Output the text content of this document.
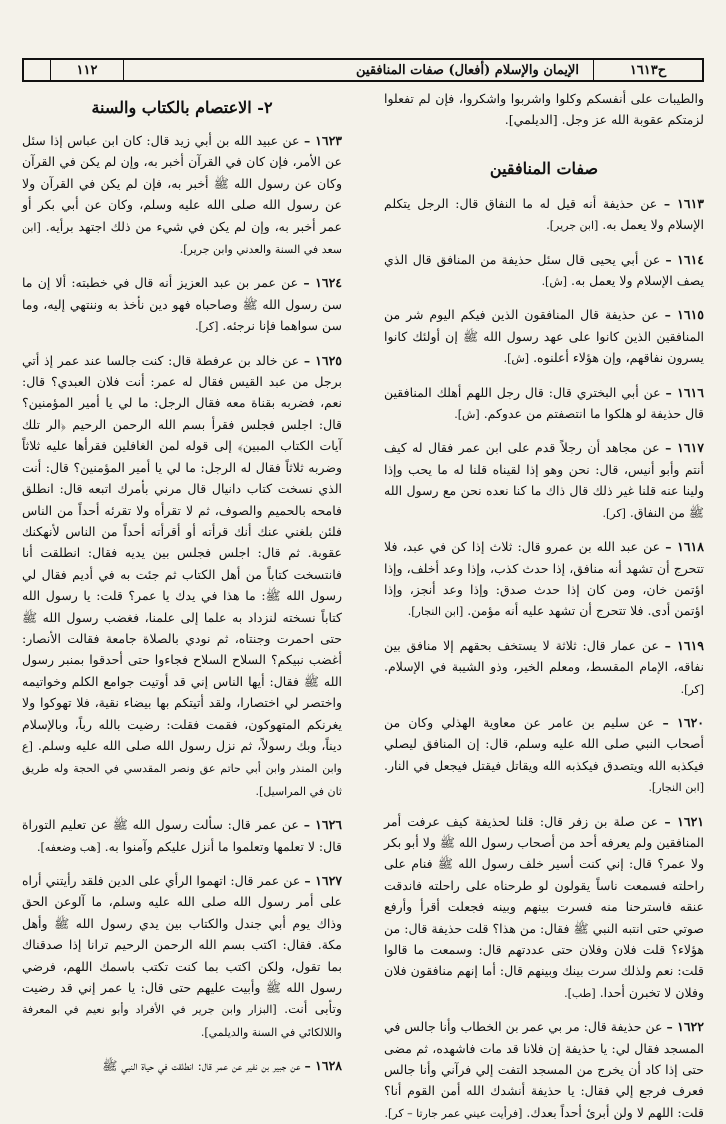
ح١٦١٣
الإيمان والإسلام (أفعال) صفات المنافقين
١١٢

والطيبات على أنفسكم وكلوا واشربوا واشكروا، فإن لم تفعلوا لزمتكم عقوبة الله عز وجل. [الديلمي].

صفات المنافقين

١٦١٣ – عن حذيفة أنه قيل له ما النفاق قال: الرجل يتكلم الإسلام ولا يعمل به. [ابن جرير].

١٦١٤ – عن أبي يحيى قال سئل حذيفة من المنافق قال الذي يصف الإسلام ولا يعمل به. [ش].

١٦١٥ – عن حذيفة قال المنافقون الذين فيكم اليوم شر من المنافقين الذين كانوا على عهد رسول الله ﷺ إن أولئك كانوا يسرون نفاقهم، وإن هؤلاء أعلنوه. [ش].

١٦١٦ – عن أبي البختري قال: قال رجل اللهم أهلك المنافقين قال حذيفة لو هلكوا ما انتصفتم من عدوكم. [ش].

١٦١٧ – عن مجاهد أن رجلاً قدم على ابن عمر فقال له كيف أنتم وأبو أنيس، قال: نحن وهو إذا لقيناه قلنا له ما يحب وإذا ولينا عنه قلنا غير ذلك قال ذاك ما كنا نعده نحن مع رسول الله ﷺ من النفاق. [كر].

١٦١٨ – عن عبد الله بن عمرو قال: ثلاث إذا كن في عبد، فلا تتحرج أن تشهد أنه منافق، إذا حدث كذب، وإذا وعد أخلف، وإذا اؤتمن خان، ومن كان إذا حدث صدق: وإذا وعد أنجز، وإذا اؤتمن أدى. فلا تتحرج أن تشهد عليه أنه مؤمن. [ابن النجار].

١٦١٩ – عن عمار قال: ثلاثة لا يستخف بحقهم إلا منافق بين نفاقه، الإمام المقسط، ومعلم الخير، وذو الشيبة في الإسلام. [كر].

١٦٢٠ – عن سليم بن عامر عن معاوية الهذلي وكان من أصحاب النبي صلى الله عليه وسلم، قال: إن المنافق ليصلي فيكذبه الله ويتصدق فيكذبه الله ويقاتل فيقتل فيجعل في النار. [ابن النجار].

١٦٢١ – عن صلة بن زفر قال: قلنا لحذيفة كيف عرفت أمر المنافقين ولم يعرفه أحد من أصحاب رسول الله ﷺ ولا أبو بكر ولا عمر؟ قال: إني كنت أسير خلف رسول الله ﷺ فنام على راحلته فسمعت ناساً يقولون لو طرحناه على راحلته فاندقت عنقه فاسترحنا منه فسرت بينهم وبينه فجعلت أقرأ وأرفع صوتي حتى انتبه النبي ﷺ فقال: من هذا؟ قلت حذيفة قال: من هؤلاء؟ قلت فلان وفلان حتى عددتهم قال: وسمعت ما قالوا قلت: نعم ولذلك سرت بينك وبينهم قال: أما إنهم منافقون فلان وفلان لا تخبرن أحدا. [طب].

١٦٢٢ – عن حذيفة قال: مر بي عمر بن الخطاب وأنا جالس في المسجد فقال لي: يا حذيفة إن فلانا قد مات فاشهده، ثم مضى حتى إذا كاد أن يخرج من المسجد التفت إلي فرآني وأنا جالس فعرف فرجع إلي فقال: يا حذيفة أنشدك الله أمن القوم أنا؟ قلت: اللهم لا ولن أبرئ أحداً بعدك. [فرأيت عيني عمر جارتا – كر].

٢- الاعتصام بالكتاب والسنة

١٦٢٣ – عن عبيد الله بن أبي زيد قال: كان ابن عباس إذا سئل عن الأمر، فإن كان في القرآن أخبر به، وإن لم يكن في القرآن وكان عن رسول الله ﷺ أخبر به، فإن لم يكن في القرآن ولا عن رسول الله صلى الله عليه وسلم، وكان عن أبي بكر أو عمر أخبر به، وإن لم يكن في شيء من ذلك اجتهد برأيه. [ابن سعد في السنة والعدني وابن جرير].

١٦٢٤ – عن عمر بن عبد العزيز أنه قال في خطبته: ألا إن ما سن رسول الله ﷺ وصاحباه فهو دين نأخذ به وننتهي إليه، وما سن سواهما فإنا نرجئه. [كر].

١٦٢٥ – عن خالد بن عرفطة قال: كنت جالسا عند عمر إذ أتي برجل من عبد القيس فقال له عمر: أنت فلان العبدي؟ قال: نعم، فضربه بقناة معه فقال الرجل: ما لي يا أمير المؤمنين؟ قال: اجلس فجلس فقرأ بسم الله الرحمن الرحيم ﴿الر تلك آيات الكتاب المبين﴾ إلى قوله لمن الغافلين فقرأها عليه ثلاثاً وضربه ثلاثاً فقال له الرجل: ما لي يا أمير المؤمنين؟ قال: أنت الذي نسخت كتاب دانيال قال مرني بأمرك اتبعه قال: انطلق فامحه بالحميم والصوف، ثم لا تقرأه ولا تقرئه أحداً من الناس فلئن بلغني عنك أنك قرأته أو أقرأته أحداً من الناس لأنهكنك عقوبة. ثم قال: اجلس فجلس بين يديه فقال: انطلقت أنا فانتسخت كتاباً من أهل الكتاب ثم جئت به في أديم فقال لي رسول الله ﷺ: ما هذا في يدك يا عمر؟ قلت: يا رسول الله كتاباً نسخته لنزداد به علما إلى علمنا، فغضب رسول الله ﷺ حتى احمرت وجنتاه، ثم نودي بالصلاة جامعة فقالت الأنصار: أغضب نبيكم؟ السلاح السلاح فجاءوا حتى أحدقوا بمنبر رسول الله ﷺ فقال: أيها الناس إني قد أوتيت جوامع الكلم وخواتيمه واختصر لي اختصارا، ولقد أتيتكم بها بيضاء نقية، فلا تهوكوا ولا يغرنكم المتهوكون، فقمت فقلت: رضيت بالله رباً، وبالإسلام ديناً، وبك رسولاً، ثم نزل رسول الله صلى الله عليه وسلم. [ع وابن المنذر وابن أبي حاتم عق ونصر المقدسي في الحجة وله طريق ثان في المراسيل].

١٦٢٦ – عن عمر قال: سألت رسول الله ﷺ عن تعليم التوراة قال: لا تعلمها وتعلموا ما أنزل عليكم وآمنوا به. [هب وضعفه].

١٦٢٧ – عن عمر قال: اتهموا الرأي على الدين فلقد رأيتني أراه على أمر رسول الله صلى الله عليه وسلم، ما آلوعن الحق وذاك يوم أبي جندل والكتاب بين يدي رسول الله ﷺ وأهل مكة. فقال: اكتب بسم الله الرحمن الرحيم ترانا إذا صدقناك بما تقول، ولكن اكتب بما كنت تكتب باسمك اللهم، فرضي رسول الله ﷺ وأبيت عليهم حتى قال: يا عمر إني قد رضيت وتأبى أنت. [البزار وابن جرير في الأفراد وأبو نعيم في المعرفة واللالكائي في السنة والديلمي].

١٦٢٨ – عن جبير بن نفير عن عمر قال: انطلقت في حياة النبي ﷺ
